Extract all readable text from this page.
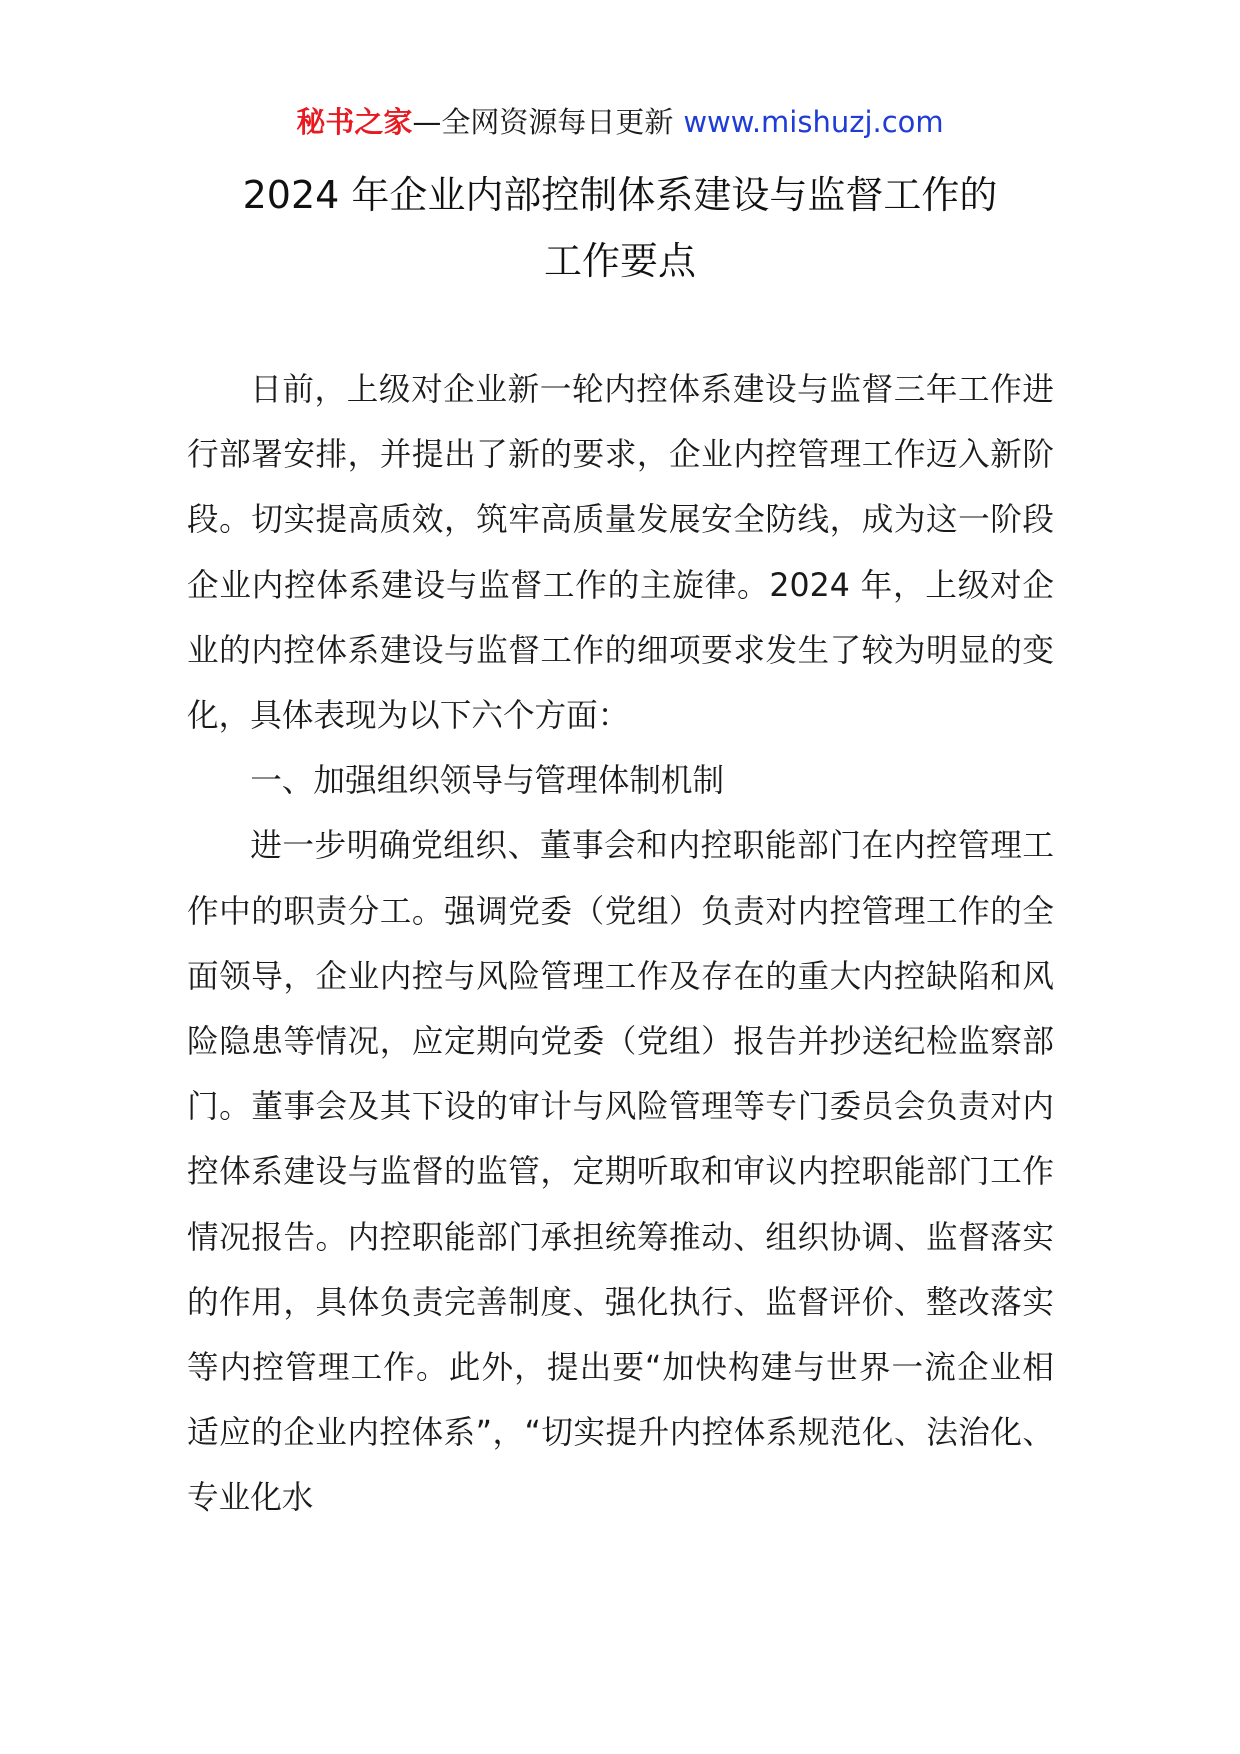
秘书之家—全网资源每日更新 www.mishuzj.com
2024 年企业内部控制体系建设与监督工作的
工作要点

日前，上级对企业新一轮内控体系建设与监督三年工作进行部署安排，并提出了新的要求，企业内控管理工作迈入新阶段。切实提高质效，筑牢高质量发展安全防线，成为这一阶段企业内控体系建设与监督工作的主旋律。2024 年，上级对企业的内控体系建设与监督工作的细项要求发生了较为明显的变化，具体表现为以下六个方面：

一、加强组织领导与管理体制机制

进一步明确党组织、董事会和内控职能部门在内控管理工作中的职责分工。强调党委（党组）负责对内控管理工作的全面领导，企业内控与风险管理工作及存在的重大内控缺陷和风险隐患等情况，应定期向党委（党组）报告并抄送纪检监察部门。董事会及其下设的审计与风险管理等专门委员会负责对内控体系建设与监督的监管，定期听取和审议内控职能部门工作情况报告。内控职能部门承担统筹推动、组织协调、监督落实的作用，具体负责完善制度、强化执行、监督评价、整改落实等内控管理工作。此外，提出要“加快构建与世界一流企业相适应的企业内控体系”，“切实提升内控体系规范化、法治化、专业化水
